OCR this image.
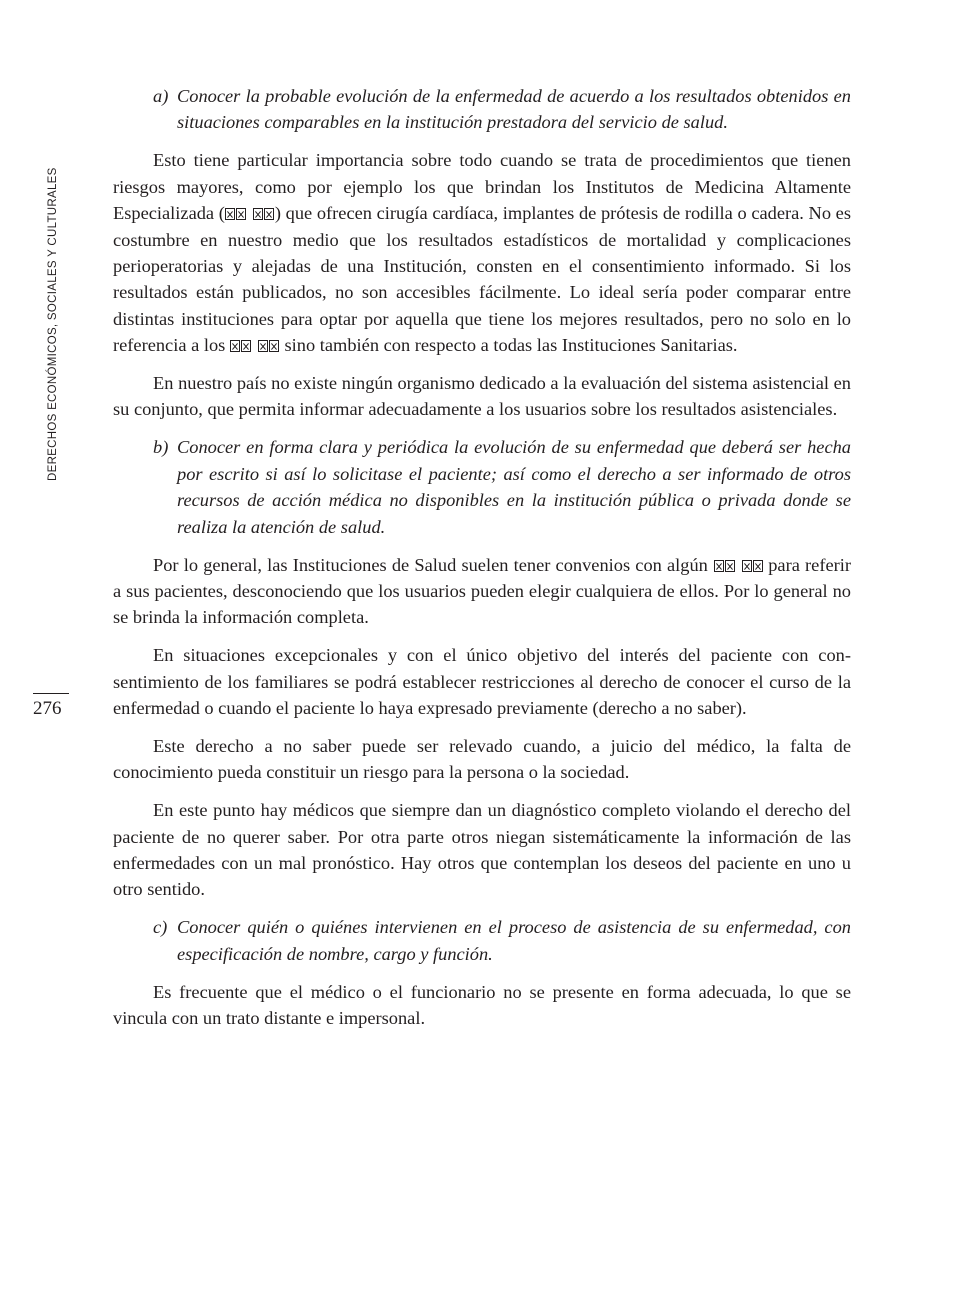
DERECHOS ECONÓMICOS, SOCIALES Y CULTURALES
276

a) Conocer la probable evolución de la enfermedad de acuerdo a los resultados obtenidos en situaciones comparables en la institución prestadora del servicio de salud.

Esto tiene particular importancia sobre todo cuando se trata de procedimientos que tienen riesgos mayores, como por ejemplo los que brindan los Institutos de Medicina Altamente Especializada (	) que ofrecen cirugía cardíaca, implantes de prótesis de rodilla o cadera. No es costumbre en nuestro medio que los resultados estadísticos de mortalidad y complicaciones perioperatorias y alejadas de una Institución, consten en el consentimiento informado. Si los resultados están publicados, no son accesibles fácilmente. Lo ideal sería poder comparar entre distintas instituciones para optar por aquella que tiene los mejores resultados, pero no solo en lo referencia a los	sino también con respecto a todas las Instituciones Sanitarias.

En nuestro país no existe ningún organismo dedicado a la evaluación del sistema asistencial en su conjunto, que permita informar adecuadamente a los usuarios sobre los resultados asistenciales.

b) Conocer en forma clara y periódica la evolución de su enfermedad que deberá ser hecha por escrito si así lo solicitase el paciente; así como el derecho a ser informado de otros recursos de acción médica no disponibles en la institución pública o privada donde se realiza la atención de salud.

Por lo general, las Instituciones de Salud suelen tener convenios con algún	para referir a sus pacientes, desconociendo que los usuarios pueden elegir cualquiera de ellos. Por lo general no se brinda la información completa.

En situaciones excepcionales y con el único objetivo del interés del paciente con consentimiento de los familiares se podrá establecer restricciones al derecho de conocer el curso de la enfermedad o cuando el paciente lo haya expresado previamente (derecho a no saber).

Este derecho a no saber puede ser relevado cuando, a juicio del médico, la falta de conocimiento pueda constituir un riesgo para la persona o la sociedad.

En este punto hay médicos que siempre dan un diagnóstico completo violando el derecho del paciente de no querer saber. Por otra parte otros niegan sistemáticamente la información de las enfermedades con un mal pronóstico. Hay otros que contemplan los deseos del paciente en uno u otro sentido.

c) Conocer quién o quiénes intervienen en el proceso de asistencia de su enfermedad, con especificación de nombre, cargo y función.

Es frecuente que el médico o el funcionario no se presente en forma adecuada, lo que se vincula con un trato distante e impersonal.
